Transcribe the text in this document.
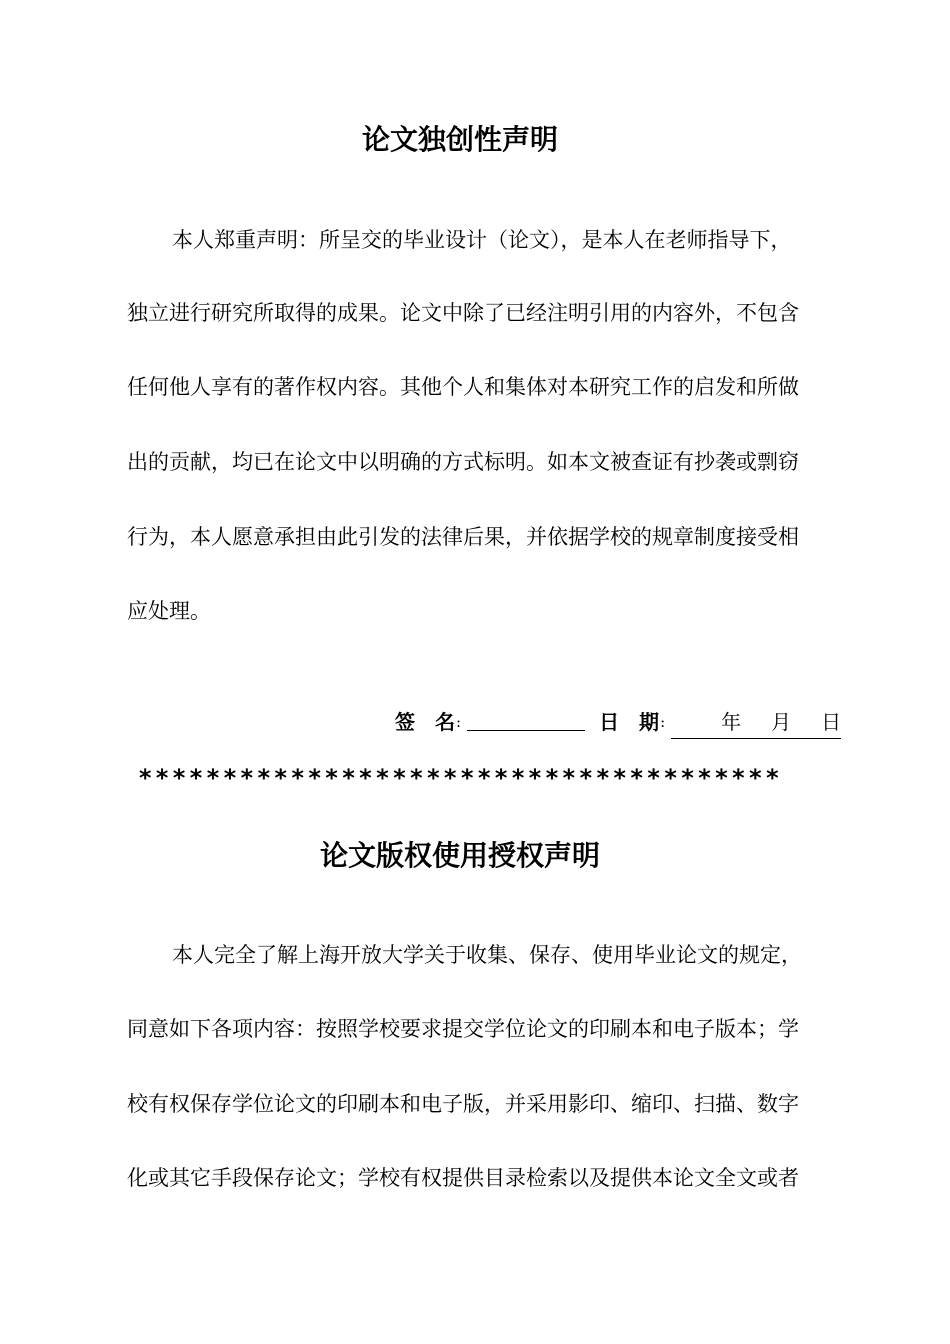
论文独创性声明
本人郑重声明：所呈交的毕业设计（论文），是本人在老师指导下，
独立进行研究所取得的成果。论文中除了已经注明引用的内容外，不包含
任何他人享有的著作权内容。其他个人和集体对本研究工作的启发和所做
出的贡献，均已在论文中以明确的方式标明。如本文被查证有抄袭或剽窃
行为，本人愿意承担由此引发的法律后果，并依据学校的规章制度接受相
应处理。
签　名:	日　期:	年 月 日
**************************************
论文版权使用授权声明
本人完全了解上海开放大学关于收集、保存、使用毕业论文的规定，
同意如下各项内容：按照学校要求提交学位论文的印刷本和电子版本；学
校有权保存学位论文的印刷本和电子版，并采用影印、缩印、扫描、数字
化或其它手段保存论文；学校有权提供目录检索以及提供本论文全文或者
